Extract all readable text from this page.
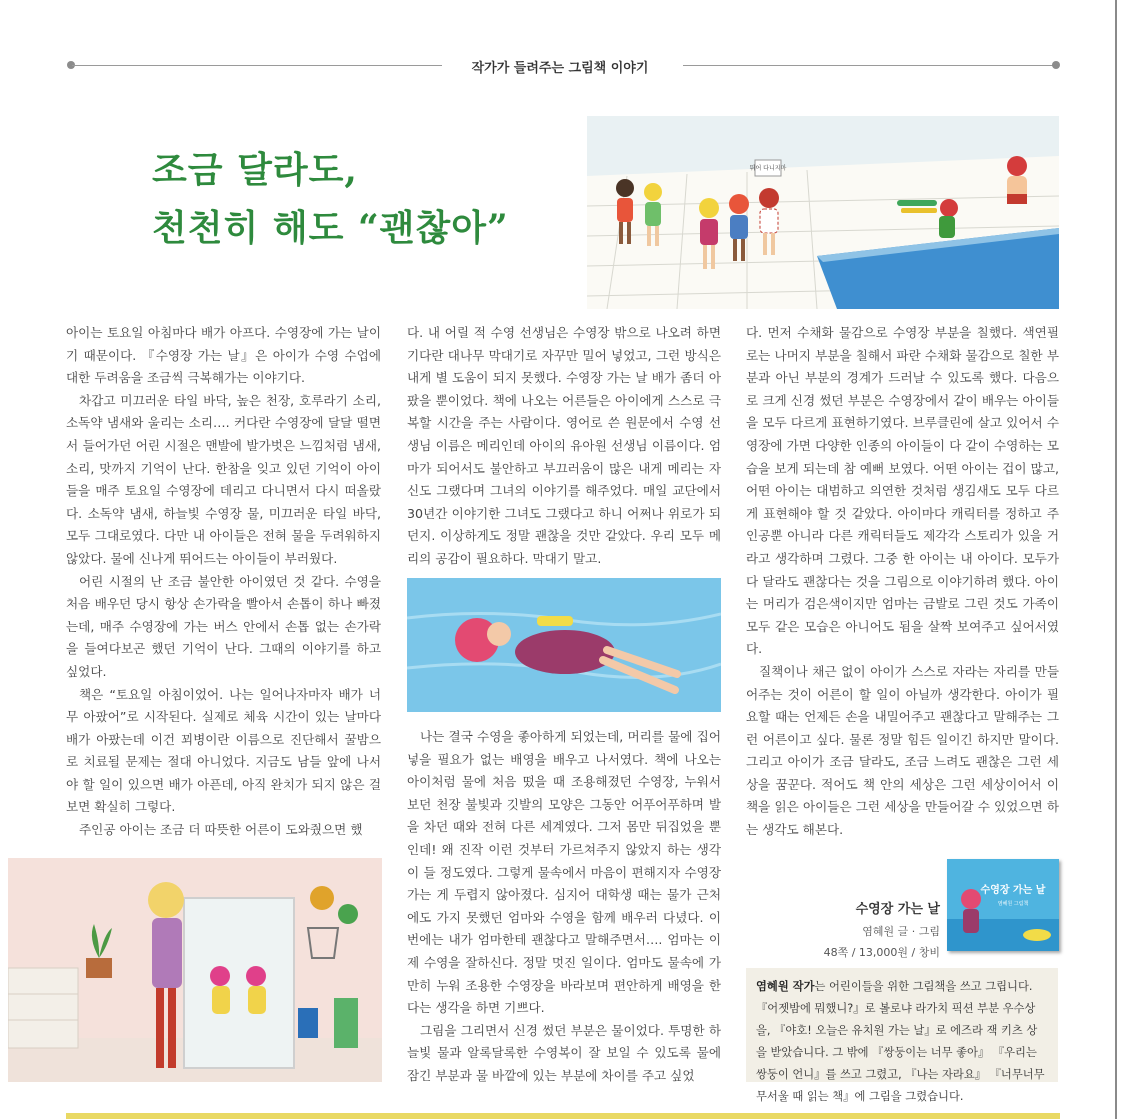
작가가 들려주는 그림책 이야기
조금 달라도,
천천히 해도 “괜찮아”
뛰어 다니지마

아이는 토요일 아침마다 배가 아프다. 수영장에 가는 날이기 때문이다. 『수영장 가는 날』은 아이가 수영 수업에 대한 두려움을 조금씩 극복해가는 이야기다.

차갑고 미끄러운 타일 바닥, 높은 천장, 호루라기 소리, 소독약 냄새와 울리는 소리…. 커다란 수영장에 달달 떨면서 들어가던 어린 시절은 맨발에 발가벗은 느낌처럼 냄새, 소리, 맛까지 기억이 난다. 한참을 잊고 있던 기억이 아이들을 매주 토요일 수영장에 데리고 다니면서 다시 떠올랐다. 소독약 냄새, 하늘빛 수영장 물, 미끄러운 타일 바닥, 모두 그대로였다. 다만 내 아이들은 전혀 물을 두려워하지 않았다. 물에 신나게 뛰어드는 아이들이 부러웠다.

어린 시절의 난 조금 불안한 아이였던 것 같다. 수영을 처음 배우던 당시 항상 손가락을 빨아서 손톱이 하나 빠졌는데, 매주 수영장에 가는 버스 안에서 손톱 없는 손가락을 들여다보곤 했던 기억이 난다. 그때의 이야기를 하고 싶었다.

책은 “토요일 아침이었어. 나는 일어나자마자 배가 너무 아팠어”로 시작된다. 실제로 체육 시간이 있는 날마다 배가 아팠는데 이건 꾀병이란 이름으로 진단해서 꿀밤으로 치료될 문제는 절대 아니었다. 지금도 남들 앞에 나서야 할 일이 있으면 배가 아픈데, 아직 완치가 되지 않은 걸 보면 확실히 그렇다.

주인공 아이는 조금 더 따뜻한 어른이 도와줬으면 했

다. 내 어릴 적 수영 선생님은 수영장 밖으로 나오려 하면 기다란 대나무 막대기로 자꾸만 밀어 넣었고, 그런 방식은 내게 별 도움이 되지 못했다. 수영장 가는 날 배가 좀더 아팠을 뿐이었다. 책에 나오는 어른들은 아이에게 스스로 극복할 시간을 주는 사람이다. 영어로 쓴 원문에서 수영 선생님 이름은 메리인데 아이의 유아원 선생님 이름이다. 엄마가 되어서도 불안하고 부끄러움이 많은 내게 메리는 자신도 그랬다며 그녀의 이야기를 해주었다. 매일 교단에서 30년간 이야기한 그녀도 그랬다고 하니 어쩌나 위로가 되던지. 이상하게도 정말 괜찮을 것만 같았다. 우리 모두 메리의 공감이 필요하다. 막대기 말고.

나는 결국 수영을 좋아하게 되었는데, 머리를 물에 집어넣을 필요가 없는 배영을 배우고 나서였다. 책에 나오는 아이처럼 물에 처음 떴을 때 조용해졌던 수영장, 누워서 보던 천장 불빛과 깃발의 모양은 그동안 어푸어푸하며 발을 차던 때와 전혀 다른 세계였다. 그저 몸만 뒤집었을 뿐인데! 왜 진작 이런 것부터 가르쳐주지 않았지 하는 생각이 들 정도였다. 그렇게 물속에서 마음이 편해지자 수영장 가는 게 두렵지 않아졌다. 심지어 대학생 때는 물가 근처에도 가지 못했던 엄마와 수영을 함께 배우러 다녔다. 이번에는 내가 엄마한테 괜찮다고 말해주면서…. 엄마는 이제 수영을 잘하신다. 정말 멋진 일이다. 엄마도 물속에 가만히 누워 조용한 수영장을 바라보며 편안하게 배영을 한다는 생각을 하면 기쁘다.

그림을 그리면서 신경 썼던 부분은 물이었다. 투명한 하늘빛 물과 알록달록한 수영복이 잘 보일 수 있도록 물에 잠긴 부분과 물 바깥에 있는 부분에 차이를 주고 싶었

다. 먼저 수채화 물감으로 수영장 부분을 칠했다. 색연필로는 나머지 부분을 칠해서 파란 수채화 물감으로 칠한 부분과 아닌 부분의 경계가 드러날 수 있도록 했다. 다음으로 크게 신경 썼던 부분은 수영장에서 같이 배우는 아이들을 모두 다르게 표현하기였다. 브루클린에 살고 있어서 수영장에 가면 다양한 인종의 아이들이 다 같이 수영하는 모습을 보게 되는데 참 예뻐 보였다. 어떤 아이는 겁이 많고, 어떤 아이는 대범하고 의연한 것처럼 생김새도 모두 다르게 표현해야 할 것 같았다. 아이마다 캐릭터를 정하고 주인공뿐 아니라 다른 캐릭터들도 제각각 스토리가 있을 거라고 생각하며 그렸다. 그중 한 아이는 내 아이다. 모두가 다 달라도 괜찮다는 것을 그림으로 이야기하려 했다. 아이는 머리가 검은색이지만 엄마는 금발로 그린 것도 가족이 모두 같은 모습은 아니어도 됨을 살짝 보여주고 싶어서였다.

질책이나 채근 없이 아이가 스스로 자라는 자리를 만들어주는 것이 어른이 할 일이 아닐까 생각한다. 아이가 필요할 때는 언제든 손을 내밀어주고 괜찮다고 말해주는 그런 어른이고 싶다. 물론 정말 힘든 일이긴 하지만 말이다. 그리고 아이가 조금 달라도, 조금 느려도 괜찮은 그런 세상을 꿈꾼다. 적어도 책 안의 세상은 그런 세상이어서 이 책을 읽은 아이들은 그런 세상을 만들어갈 수 있었으면 하는 생각도 해본다.

수영장 가는 날
염혜원 글 · 그림
48쪽 / 13,000원 / 창비
수영장 가는 날
염혜원 그림책
염혜원 작가는 어린이들을 위한 그림책을 쓰고 그립니다. 『어젯밤에 뭐했니?』로 볼로냐 라가치 픽션 부분 우수상을, 『야호! 오늘은 유치원 가는 날』로 에즈라 잭 키츠 상을 받았습니다. 그 밖에 『쌍둥이는 너무 좋아』 『우리는 쌍둥이 언니』를 쓰고 그렸고, 『나는 자라요』 『너무너무 무서울 때 읽는 책』에 그림을 그렸습니다.
